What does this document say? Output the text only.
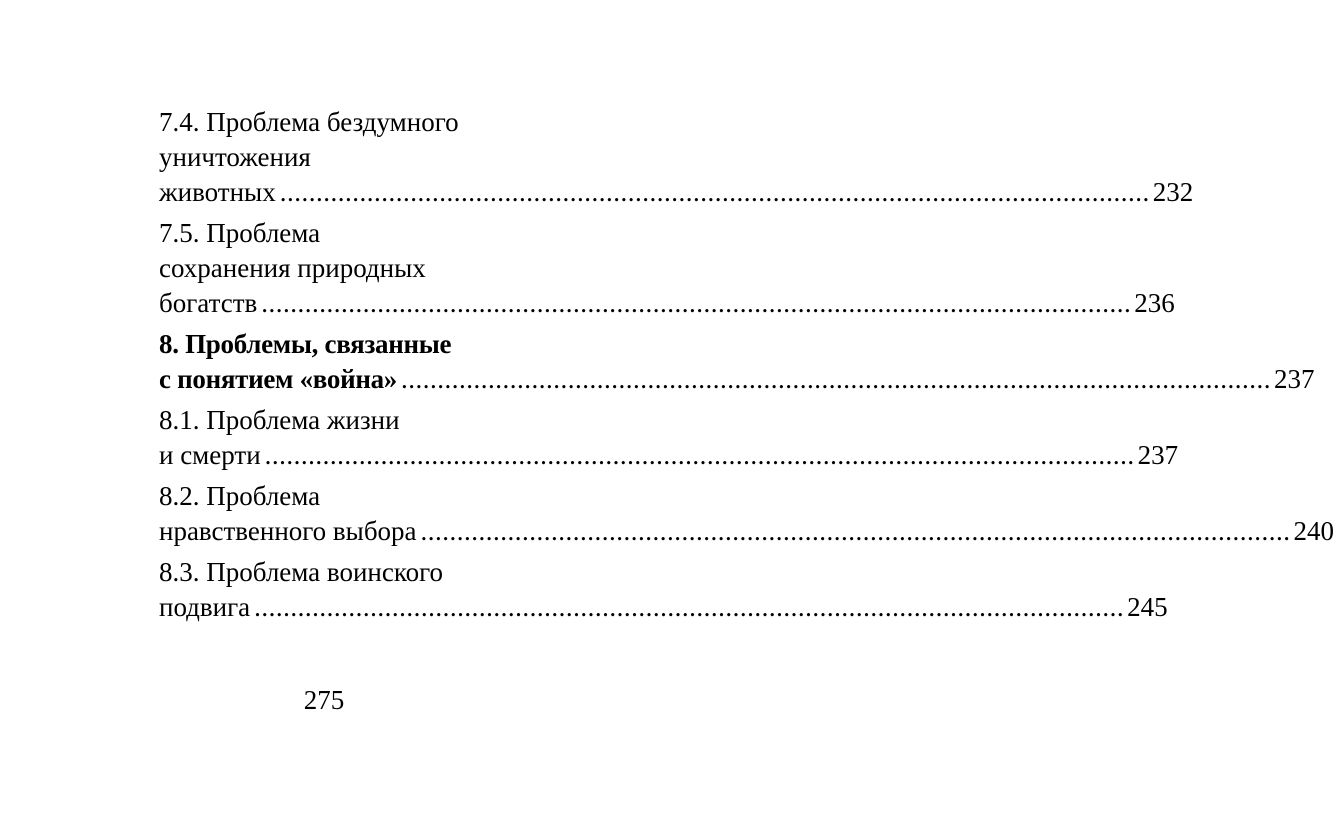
7.4. Проблема бездумного
уничтожения
животных ........................................................................................................................ 232
7.5. Проблема
сохранения природных
богатств ........................................................................................................................ 236
8. Проблемы, связанные
с понятием «война» ........................................................................................................................ 237
8.1. Проблема жизни
и смерти ........................................................................................................................ 237
8.2. Проблема
нравственного выбора ........................................................................................................................ 240
8.3. Проблема воинского
подвига ........................................................................................................................ 245
275
